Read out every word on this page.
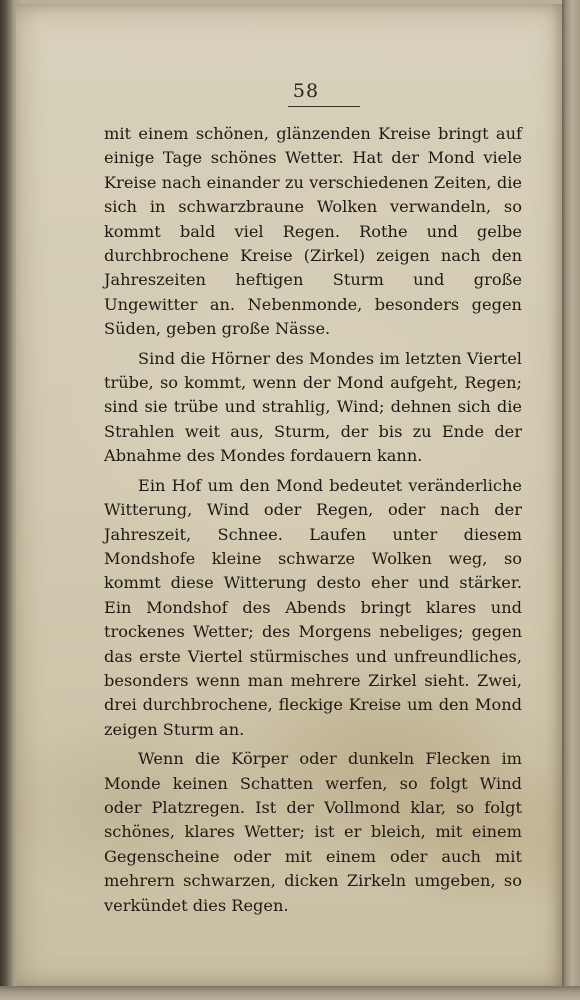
58

mit einem schönen, glänzenden Kreise bringt auf einige Tage schönes Wetter. Hat der Mond viele Kreise nach einander zu verschiedenen Zeiten, die sich in schwarzbraune Wolken verwandeln, so kommt bald viel Regen. Rothe und gelbe durchbrochene Kreise (Zirkel) zeigen nach den Jahreszeiten heftigen Sturm und große Ungewitter an. Nebenmonde, besonders gegen Süden, geben große Nässe.

Sind die Hörner des Mondes im letzten Viertel trübe, so kommt, wenn der Mond aufgeht, Regen; sind sie trübe und strahlig, Wind; dehnen sich die Strahlen weit aus, Sturm, der bis zu Ende der Abnahme des Mondes fordauern kann.

Ein Hof um den Mond bedeutet veränderliche Witterung, Wind oder Regen, oder nach der Jahreszeit, Schnee. Laufen unter diesem Mondshofe kleine schwarze Wolken weg, so kommt diese Witterung desto eher und stärker. Ein Mondshof des Abends bringt klares und trockenes Wetter; des Morgens nebeliges; gegen das erste Viertel stürmisches und unfreundliches, besonders wenn man mehrere Zirkel sieht. Zwei, drei durchbrochene, fleckige Kreise um den Mond zeigen Sturm an.

Wenn die Körper oder dunkeln Flecken im Monde keinen Schatten werfen, so folgt Wind oder Platzregen. Ist der Vollmond klar, so folgt schönes, klares Wetter; ist er bleich, mit einem Gegenscheine oder mit einem oder auch mit mehrern schwarzen, dicken Zirkeln umgeben, so verkündet dies Regen.
